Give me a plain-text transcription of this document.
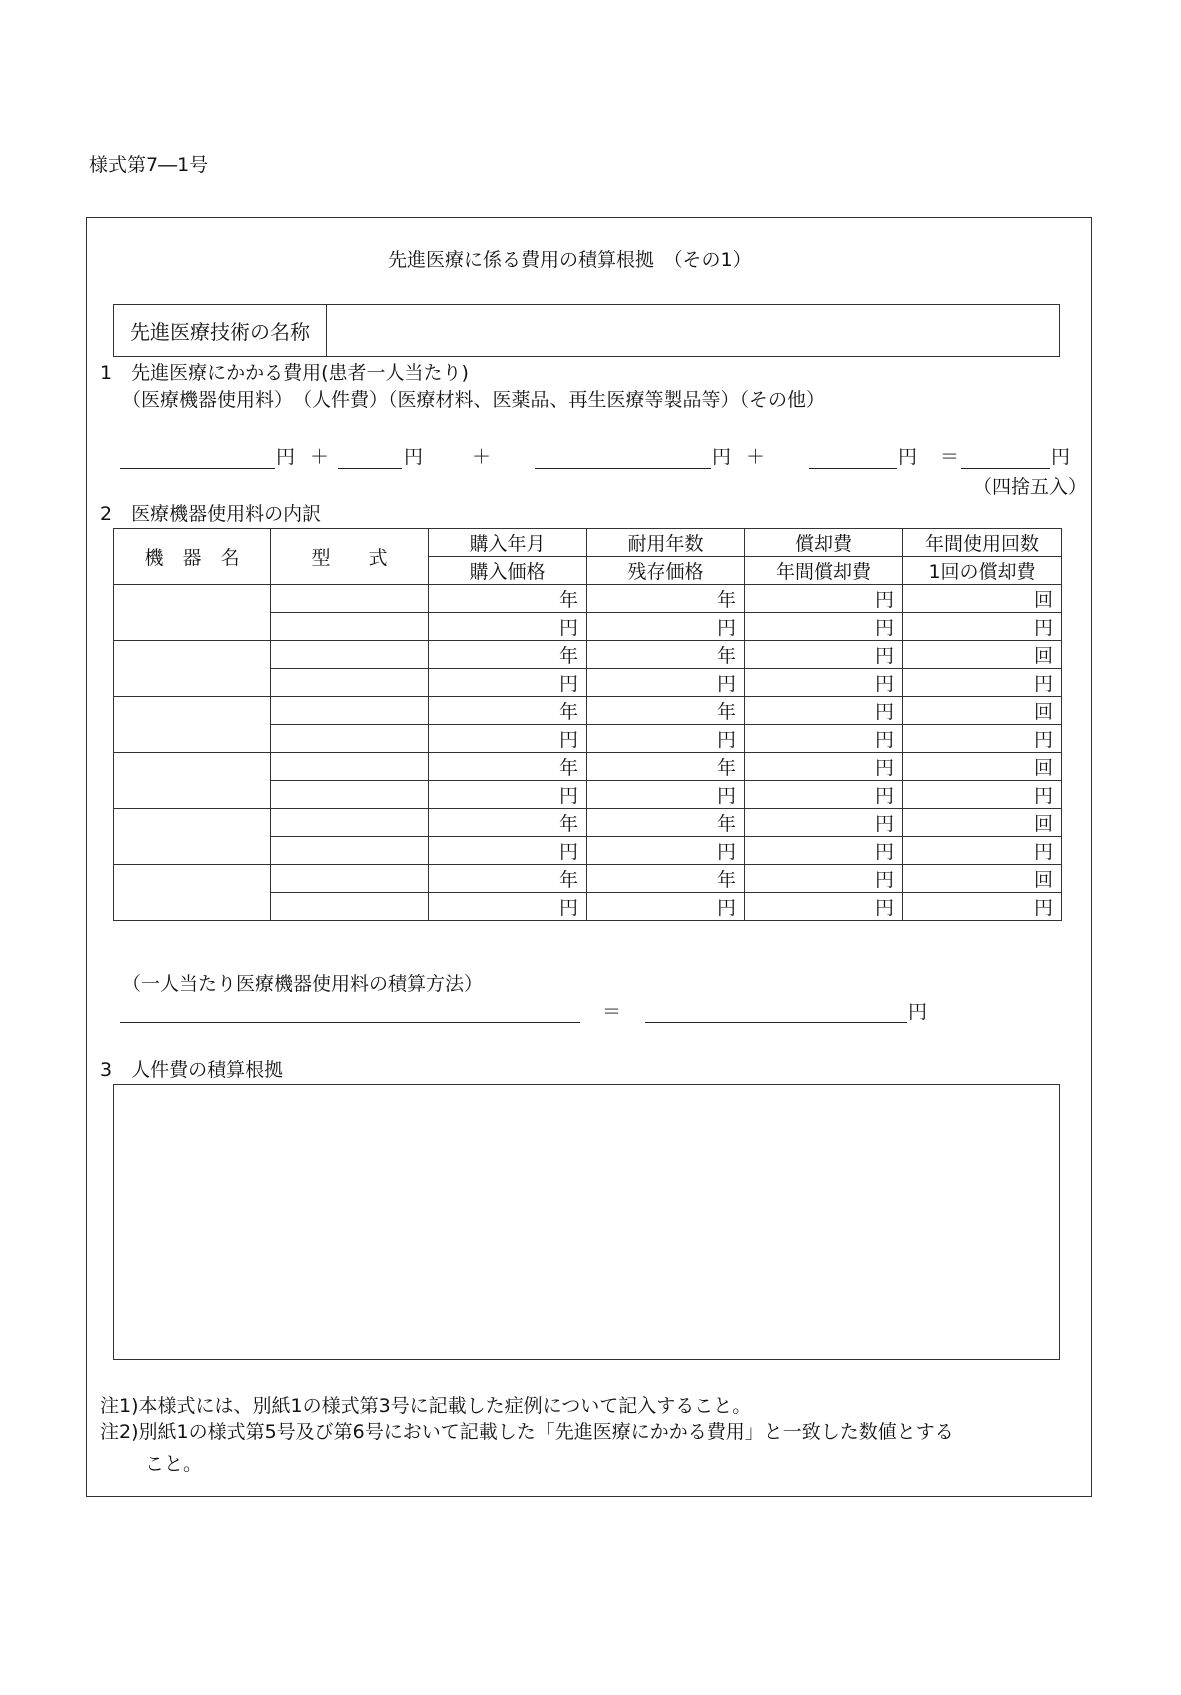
様式第7―1号
先進医療に係る費用の積算根拠　（その1）
先進医療技術の名称
1　先進医療にかかる費用(患者一人当たり)
（医療機器使用料）　（人件費）（医療材料、医薬品、再生医療等製品等）（その他）
円 ＋	円	＋	円 ＋	円 ＝	円
（四捨五入）
2　医療機器使用料の内訳
機　器　名	型　　式	購入年月	耐用年数	償却費	年間使用回数
		購入価格	残存価格	年間償却費	1回の償却費
		年	年	円	回
		円	円	円	円
		年	年	円	回
		円	円	円	円
		年	年	円	回
		円	円	円	円
		年	年	円	回
		円	円	円	円
		年	年	円	回
		円	円	円	円
		年	年	円	回
		円	円	円	円
（一人当たり医療機器使用料の積算方法）
＝	円
3　人件費の積算根拠
注1)本様式には、別紙1の様式第3号に記載した症例について記入すること。
注2)別紙1の様式第5号及び第6号において記載した「先進医療にかかる費用」と一致した数値とする
こと。
